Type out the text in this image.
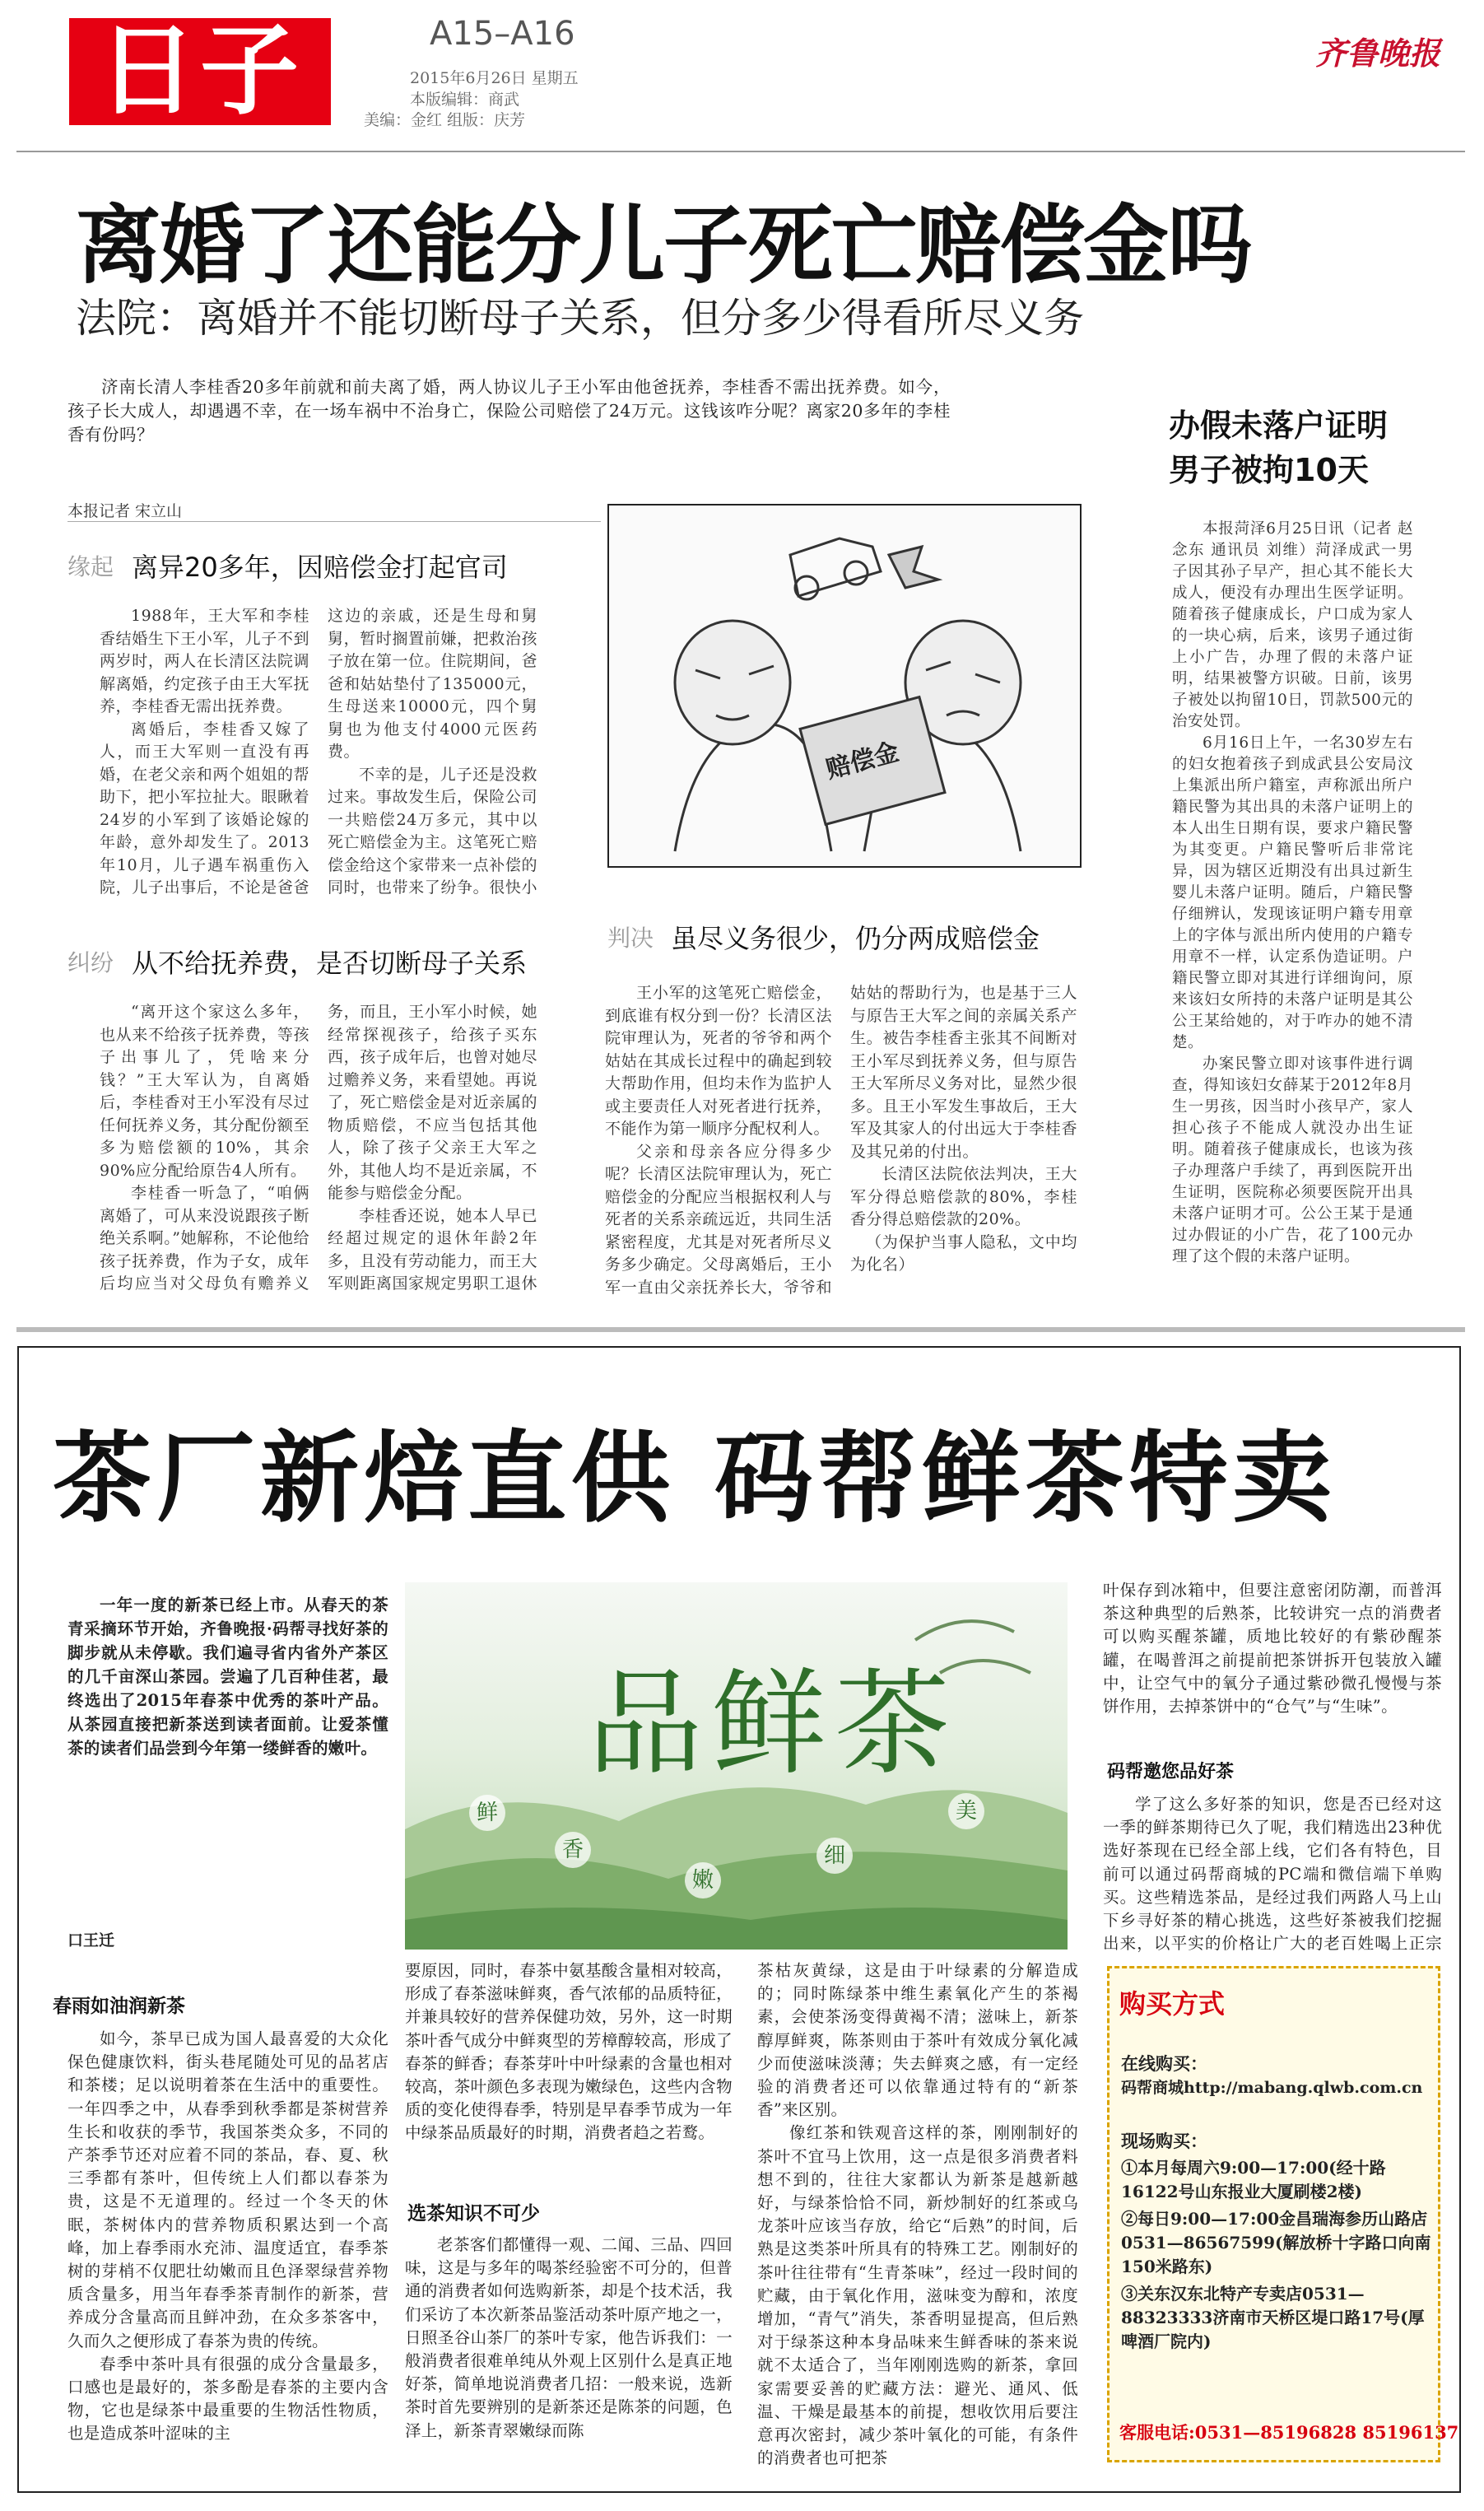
日子	A15–A16
2015年6月26日 星期五
本版编辑：商武
美编：金红 组版：庆芳
齐鲁晚报
离婚了还能分儿子死亡赔偿金吗
法院：离婚并不能切断母子关系，但分多少得看所尽义务

济南长清人李桂香20多年前就和前夫离了婚，两人协议儿子王小军由他爸抚养，李桂香不需出抚养费。如今，孩子长大成人，却遇遇不幸，在一场车祸中不治身亡，保险公司赔偿了24万元。这钱该咋分呢？离家20多年的李桂香有份吗？

本报记者 宋立山
缘起 离异20多年，因赔偿金打起官司

1988年，王大军和李桂香结婚生下王小军，儿子不到两岁时，两人在长清区法院调解离婚，约定孩子由王大军抚养，李桂香无需出抚养费。

离婚后，李桂香又嫁了人，而王大军则一直没有再婚，在老父亲和两个姐姐的帮助下，把小军拉扯大。眼瞅着24岁的小军到了该婚论嫁的年龄，意外却发生了。2013年10月，儿子遇车祸重伤入院，儿子出事后，不论是爸爸这边的亲戚，还是生母和舅舅，暂时搁置前嫌，把救治孩子放在第一位。住院期间，爸爸和姑姑垫付了135000元，生母送来10000元，四个舅舅也为他支付4000元医药费。

不幸的是，儿子还是没救过来。事故发生后，保险公司一共赔偿24万多元，其中以死亡赔偿金为主。这笔死亡赔偿金给这个家带来一点补偿的同时，也带来了纷争。很快小

纠纷 从不给抚养费，是否切断母子关系

“离开这个家这么多年，也从来不给孩子抚养费，等孩子出事儿了，凭啥来分钱？”王大军认为，自离婚后，李桂香对王小军没有尽过任何抚养义务，其分配份额至多为赔偿额的10%，其余90%应分配给原告4人所有。

李桂香一听急了，“咱俩离婚了，可从来没说跟孩子断绝关系啊。”她解称，不论他给孩子抚养费，作为子女，成年后均应当对父母负有赡养义务，而且，王小军小时候，她经常探视孩子，给孩子买东西，孩子成年后，也曾对她尽过赡养义务，来看望她。再说了，死亡赔偿金是对近亲属的物质赔偿，不应当包括其他人，除了孩子父亲王大军之外，其他人均不是近亲属，不能参与赔偿金分配。

李桂香还说，她本人早已经超过规定的退休年龄2年多，且没有劳动能力，而王大军则距离国家规定男职工退休

赔偿金
判决 虽尽义务很少，仍分两成赔偿金

王小军的这笔死亡赔偿金，到底谁有权分到一份？长清区法院审理认为，死者的爷爷和两个姑姑在其成长过程中的确起到较大帮助作用，但均未作为监护人或主要责任人对死者进行抚养，不能作为第一顺序分配权利人。

父亲和母亲各应分得多少呢？长清区法院审理认为，死亡赔偿金的分配应当根据权利人与死者的关系亲疏远近，共同生活紧密程度，尤其是对死者所尽义务多少确定。父母离婚后，王小军一直由父亲抚养长大，爷爷和姑姑的帮助行为，也是基于三人与原告王大军之间的亲属关系产生。被告李桂香主张其不间断对王小军尽到抚养义务，但与原告王大军所尽义务对比，显然少很多。且王小军发生事故后，王大军及其家人的付出远大于李桂香及其兄弟的付出。

长清区法院依法判决，王大军分得总赔偿款的80%，李桂香分得总赔偿款的20%。

（为保护当事人隐私，文中均为化名）

办假未落户证明
男子被拘10天

本报菏泽6月25日讯（记者 赵念东 通讯员 刘维）菏泽成武一男子因其孙子早产，担心其不能长大成人，便没有办理出生医学证明。随着孩子健康成长，户口成为家人的一块心病，后来，该男子通过街上小广告，办理了假的未落户证明，结果被警方识破。日前，该男子被处以拘留10日，罚款500元的治安处罚。

6月16日上午，一名30岁左右的妇女抱着孩子到成武县公安局汶上集派出所户籍室，声称派出所户籍民警为其出具的未落户证明上的本人出生日期有误，要求户籍民警为其变更。户籍民警听后非常诧异，因为辖区近期没有出具过新生婴儿未落户证明。随后，户籍民警仔细辨认，发现该证明户籍专用章上的字体与派出所内使用的户籍专用章不一样，认定系伪造证明。户籍民警立即对其进行详细询问，原来该妇女所持的未落户证明是其公公王某给她的，对于咋办的她不清楚。

办案民警立即对该事件进行调查，得知该妇女薛某于2012年8月生一男孩，因当时小孩早产，家人担心孩子不能成人就没办出生证明。随着孩子健康成长，也该为孩子办理落户手续了，再到医院开出生证明，医院称必须要医院开出具未落户证明才可。公公王某于是通过办假证的小广告，花了100元办理了这个假的未落户证明。

茶厂新焙直供 码帮鲜茶特卖

一年一度的新茶已经上市。从春天的茶青采摘环节开始，齐鲁晚报·码帮寻找好茶的脚步就从未停歇。我们遍寻省内省外产茶区的几千亩深山茶园。尝遍了几百种佳茗，最终选出了2015年春茶中优秀的茶叶产品。从茶园直接把新茶送到读者面前。让爱茶懂茶的读者们品尝到今年第一缕鲜香的嫩叶。

口王迁
品鲜茶
鲜
香
嫩
细
美
春雨如油润新茶

如今，茶早已成为国人最喜爱的大众化保色健康饮料，街头巷尾随处可见的品茗店和茶楼；足以说明着茶在生活中的重要性。一年四季之中，从春季到秋季都是茶树营养生长和收获的季节，我国茶类众多，不同的产茶季节还对应着不同的茶品，春、夏、秋三季都有茶叶，但传统上人们都以春茶为贵，这是不无道理的。经过一个冬天的休眠，茶树体内的营养物质积累达到一个高峰，加上春季雨水充沛、温度适宜，春季茶树的芽梢不仅肥壮幼嫩而且色泽翠绿营养物质含量多，用当年春季茶青制作的新茶，营养成分含量高而且鲜冲劲，在众多茶客中，久而久之便形成了春茶为贵的传统。

春季中茶叶具有很强的成分含量最多，口感也是最好的，茶多酚是春茶的主要内含物，它也是绿茶中最重要的生物活性物质，也是造成茶叶涩味的主

要原因，同时，春茶中氨基酸含量相对较高，形成了春茶滋味鲜爽，香气浓郁的品质特征，并兼具较好的营养保健功效，另外，这一时期茶叶香气成分中鲜爽型的芳樟醇较高，形成了春茶的鲜香；春茶芽叶中叶绿素的含量也相对较高，茶叶颜色多表现为嫩绿色，这些内含物质的变化使得春季，特别是早春季节成为一年中绿茶品质最好的时期，消费者趋之若鹜。

选茶知识不可少

老茶客们都懂得一观、二闻、三品、四回味，这是与多年的喝茶经验密不可分的，但普通的消费者如何选购新茶，却是个技术活，我们采访了本次新茶品鉴活动茶叶原产地之一，日照圣谷山茶厂的茶叶专家，他告诉我们：一般消费者很难单纯从外观上区别什么是真正地好茶，简单地说消费者几招：一般来说，选新茶时首先要辨别的是新茶还是陈茶的问题，色泽上，新茶青翠嫩绿而陈

茶枯灰黄绿，这是由于叶绿素的分解造成的；同时陈绿茶中维生素氧化产生的茶褐素，会使茶汤变得黄褐不清；滋味上，新茶醇厚鲜爽，陈茶则由于茶叶有效成分氧化减少而使滋味淡薄；失去鲜爽之感，有一定经验的消费者还可以依靠通过特有的“新茶香”来区别。

像红茶和铁观音这样的茶，刚刚制好的茶叶不宜马上饮用，这一点是很多消费者料想不到的，往往大家都认为新茶是越新越好，与绿茶恰恰不同，新炒制好的红茶或乌龙茶叶应该当存放，给它“后熟”的时间，后熟是这类茶叶所具有的特殊工艺。刚制好的茶叶往往带有“生青茶味”，经过一段时间的贮藏，由于氧化作用，滋味变为醇和，浓度增加，“青气”消失，茶香明显提高，但后熟对于绿茶这种本身品味来生鲜香味的茶来说就不太适合了，当年刚刚选购的新茶，拿回家需要妥善的贮藏方法：避光、通风、低温、干燥是最基本的前提，想收饮用后要注意再次密封，减少茶叶氧化的可能，有条件的消费者也可把茶

叶保存到冰箱中，但要注意密闭防潮，而普洱茶这种典型的后熟茶，比较讲究一点的消费者可以购买醒茶罐，质地比较好的有紫砂醒茶罐，在喝普洱之前提前把茶饼拆开包装放入罐中，让空气中的氧分子通过紫砂微孔慢慢与茶饼作用，去掉茶饼中的“仓气”与“生味”。

码帮邀您品好茶

学了这么多好茶的知识，您是否已经对这一季的鲜茶期待已久了呢，我们精选出23种优选好茶现在已经全部上线，它们各有特色，目前可以通过码帮商城的PC端和微信端下单购买。这些精选茶品，是经过我们两路人马上山下乡寻好茶的精心挑选，这些好茶被我们挖掘出来，以平实的价格让广大的老百姓喝上正宗

购买方式
在线购买：
码帮商城http://mabang.qlwb.com.cn
现场购买：

①本月每周六9:00—17:00(经十路16122号山东报业大厦刷楼2楼)

②每日9:00—17:00金昌瑞海参历山路店0531—86567599(解放桥十字路口向南150米路东)

③关东汉东北特产专卖店0531—88323333济南市天桥区堤口路17号(厚啤酒厂院内)

客服电话:0531—85196828 85196137
